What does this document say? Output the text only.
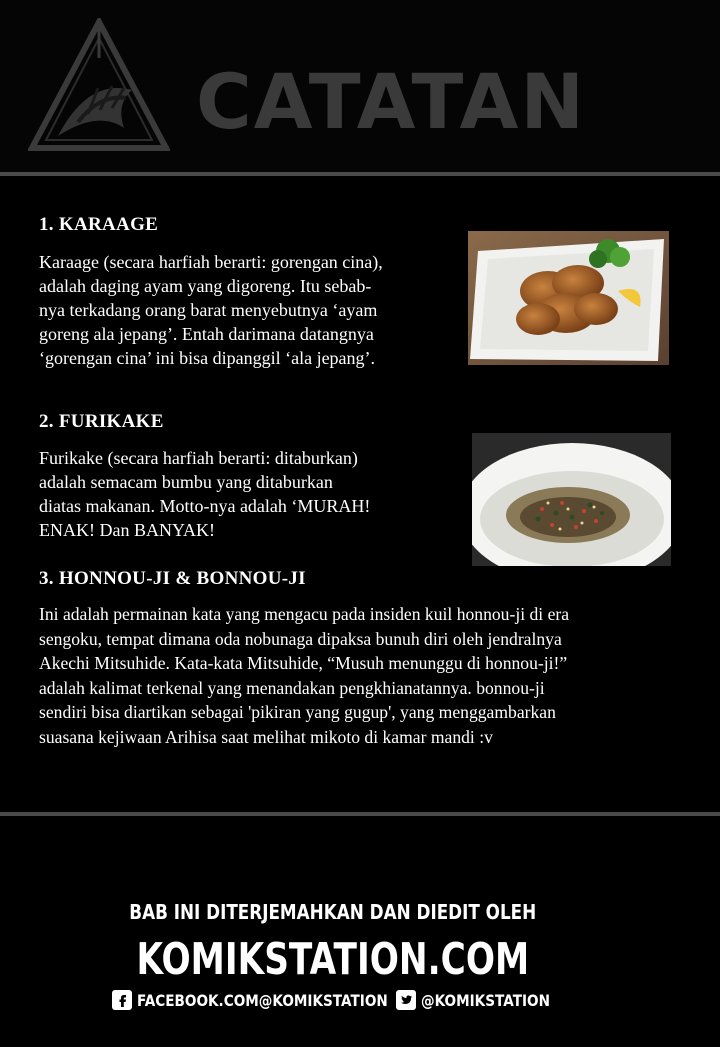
CATATAN
1. KARAAGE

Karaage (secara harfiah berarti: gorengan cina),
adalah daging ayam yang digoreng. Itu sebab-
nya terkadang orang barat menyebutnya ‘ayam
goreng ala jepang’. Entah darimana datangnya
‘gorengan cina’ ini bisa dipanggil ‘ala jepang’.

2. FURIKAKE

Furikake (secara harfiah berarti: ditaburkan)
adalah semacam bumbu yang ditaburkan
diatas makanan. Motto-nya adalah ‘MURAH!
ENAK! Dan BANYAK!

3. HONNOU-JI & BONNOU-JI

Ini adalah permainan kata yang mengacu pada insiden kuil honnou-ji di era
sengoku, tempat dimana oda nobunaga dipaksa bunuh diri oleh jendralnya
Akechi Mitsuhide. Kata-kata Mitsuhide, “Musuh menunggu di honnou-ji!”
adalah kalimat terkenal yang menandakan pengkhianatannya. bonnou-ji
sendiri bisa diartikan sebagai 'pikiran yang gugup', yang menggambarkan
suasana kejiwaan Arihisa saat melihat mikoto di kamar mandi :v

BAB INI DITERJEMAHKAN DAN DIEDIT OLEH
KOMIKSTATION.COM
FACEBOOK.COM@KOMIKSTATION @KOMIKSTATION
